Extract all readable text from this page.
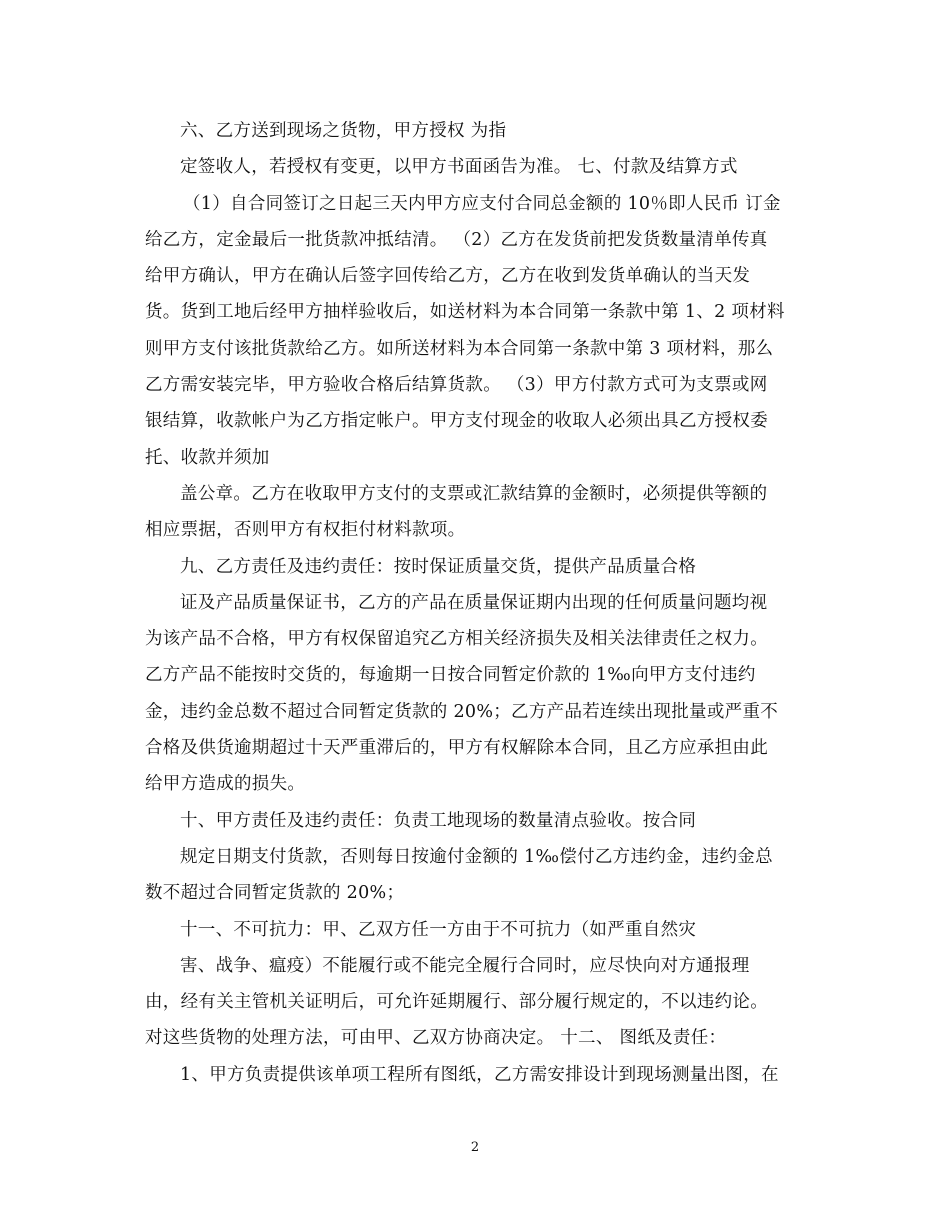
六、乙方送到现场之货物，甲方授权 为指
定签收人，若授权有变更，以甲方书面函告为准。 七、付款及结算方式
（1）自合同签订之日起三天内甲方应支付合同总金额的 10％即人民币 订金
给乙方，定金最后一批货款冲抵结清。 （2）乙方在发货前把发货数量清单传真
给甲方确认，甲方在确认后签字回传给乙方，乙方在收到发货单确认的当天发
货。货到工地后经甲方抽样验收后，如送材料为本合同第一条款中第 1、2 项材料
则甲方支付该批货款给乙方。如所送材料为本合同第一条款中第 3 项材料，那么
乙方需安装完毕，甲方验收合格后结算货款。 （3）甲方付款方式可为支票或网
银结算，收款帐户为乙方指定帐户。甲方支付现金的收取人必须出具乙方授权委
托、收款并须加
盖公章。乙方在收取甲方支付的支票或汇款结算的金额时，必须提供等额的
相应票据，否则甲方有权拒付材料款项。
九、乙方责任及违约责任：按时保证质量交货，提供产品质量合格
证及产品质量保证书，乙方的产品在质量保证期内出现的任何质量问题均视
为该产品不合格，甲方有权保留追究乙方相关经济损失及相关法律责任之权力。
乙方产品不能按时交货的，每逾期一日按合同暂定价款的 1‰向甲方支付违约
金，违约金总数不超过合同暂定货款的 20%；乙方产品若连续出现批量或严重不
合格及供货逾期超过十天严重滞后的，甲方有权解除本合同，且乙方应承担由此
给甲方造成的损失。
十、甲方责任及违约责任：负责工地现场的数量清点验收。按合同
规定日期支付货款，否则每日按逾付金额的 1‰偿付乙方违约金，违约金总
数不超过合同暂定货款的 20%；
十一、不可抗力：甲、乙双方任一方由于不可抗力（如严重自然灾
害、战争、瘟疫）不能履行或不能完全履行合同时，应尽快向对方通报理
由，经有关主管机关证明后，可允许延期履行、部分履行规定的，不以违约论。
对这些货物的处理方法，可由甲、乙双方协商决定。 十二、 图纸及责任：
1、甲方负责提供该单项工程所有图纸，乙方需安排设计到现场测量出图，在
2
